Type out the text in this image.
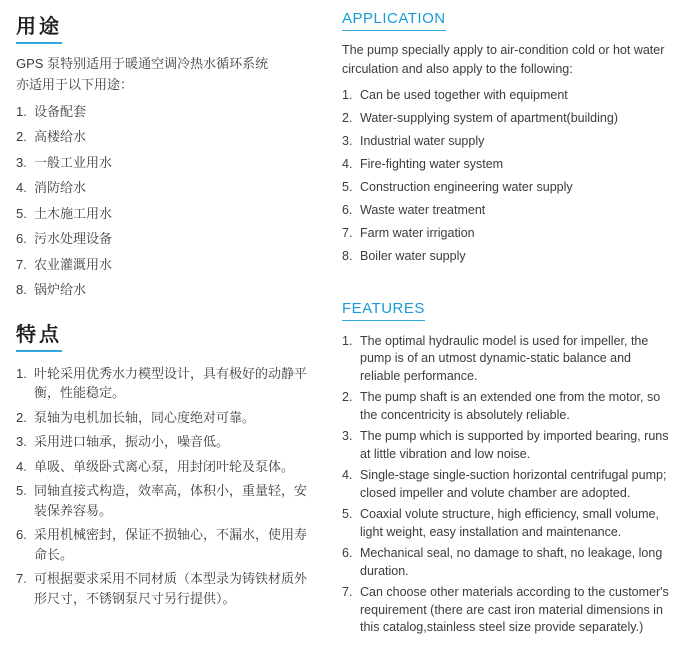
用途

GPS 泵特别适用于暖通空调冷热水循环系统

亦适用于以下用途：

1. 设备配套
2. 高楼给水
3. 一般工业用水
4. 消防给水
5. 土木施工用水
6. 污水处理设备
7. 农业灌溉用水
8. 锅炉给水
特点
1. 叶轮采用优秀水力模型设计，具有极好的动静平衡，性能稳定。
2. 泵轴为电机加长轴，同心度绝对可靠。
3. 采用进口轴承，振动小，噪音低。
4. 单吸、单级卧式离心泵，用封闭叶轮及泵体。
5. 同轴直接式构造，效率高，体积小，重量轻，安装保养容易。
6. 采用机械密封，保证不损轴心，不漏水，使用寿命长。
7. 可根据要求采用不同材质（本型录为铸铁材质外形尺寸，不锈钢泵尺寸另行提供）。
APPLICATION

The pump specially apply to air-condition cold or hot water circulation and also apply to the following:

1. Can be used together with equipment
2. Water-supplying system of apartment(building)
3. Industrial water supply
4. Fire-fighting water system
5. Construction engineering water supply
6. Waste water treatment
7. Farm water irrigation
8. Boiler water supply
FEATURES
1. The optimal hydraulic model is used for impeller, the pump is of an utmost dynamic-static balance and reliable performance.
2. The pump shaft is an extended one from the motor, so the concentricity is absolutely reliable.
3. The pump which is supported by imported bearing, runs at little vibration and low noise.
4. Single-stage single-suction horizontal centrifugal pump; closed impeller and volute chamber are adopted.
5. Coaxial volute structure, high efficiency, small volume, light weight, easy installation and maintenance.
6. Mechanical seal, no damage to shaft, no leakage, long duration.
7. Can choose other materials according to the customer's requirement (there are cast iron material dimensions in this catalog,stainless steel size provide separately.)
